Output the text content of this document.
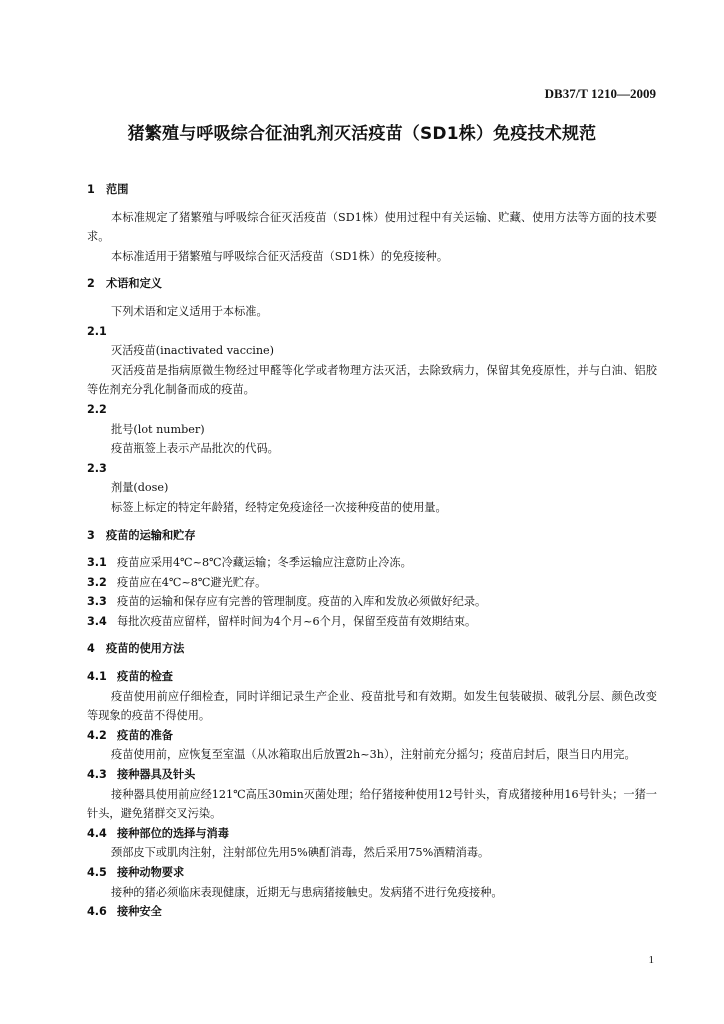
DB37/T 1210—2009
猪繁殖与呼吸综合征油乳剂灭活疫苗（SD1株）免疫技术规范
1 范围
本标准规定了猪繁殖与呼吸综合征灭活疫苗（SD1株）使用过程中有关运输、贮藏、使用方法等方面的技术要求。
本标准适用于猪繁殖与呼吸综合征灭活疫苗（SD1株）的免疫接种。
2 术语和定义
下列术语和定义适用于本标准。
2.1
灭活疫苗(inactivated vaccine)
灭活疫苗是指病原微生物经过甲醛等化学或者物理方法灭活，去除致病力，保留其免疫原性，并与白油、铝胶等佐剂充分乳化制备而成的疫苗。
2.2
批号(lot number)
疫苗瓶签上表示产品批次的代码。
2.3
剂量(dose)
标签上标定的特定年龄猪，经特定免疫途径一次接种疫苗的使用量。
3 疫苗的运输和贮存
3.1 疫苗应采用4℃~8℃冷藏运输；冬季运输应注意防止冷冻。
3.2 疫苗应在4℃~8℃避光贮存。
3.3 疫苗的运输和保存应有完善的管理制度。疫苗的入库和发放必须做好纪录。
3.4 每批次疫苗应留样，留样时间为4个月~6个月，保留至疫苗有效期结束。
4 疫苗的使用方法
4.1 疫苗的检查
疫苗使用前应仔细检查，同时详细记录生产企业、疫苗批号和有效期。如发生包装破损、破乳分层、颜色改变等现象的疫苗不得使用。
4.2 疫苗的准备
疫苗使用前，应恢复至室温（从冰箱取出后放置2h~3h），注射前充分摇匀；疫苗启封后，限当日内用完。
4.3 接种器具及针头
接种器具使用前应经121℃高压30min灭菌处理；给仔猪接种使用12号针头，育成猪接种用16号针头；一猪一针头，避免猪群交叉污染。
4.4 接种部位的选择与消毒
颈部皮下或肌肉注射，注射部位先用5%碘酊消毒，然后采用75%酒精消毒。
4.5 接种动物要求
接种的猪必须临床表现健康，近期无与患病猪接触史。发病猪不进行免疫接种。
4.6 接种安全
1
